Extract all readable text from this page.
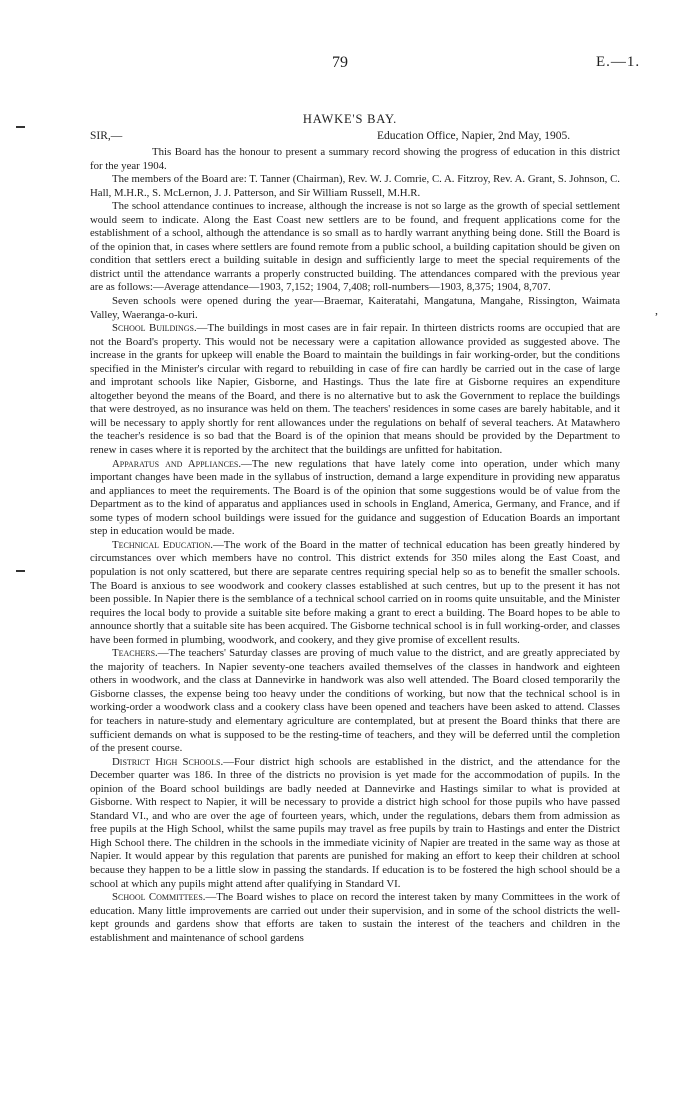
79	E.—1.
,
HAWKE'S BAY.
SIR,—	Education Office, Napier, 2nd May, 1905.

This Board has the honour to present a summary record showing the progress of education in this district for the year 1904.

The members of the Board are: T. Tanner (Chairman), Rev. W. J. Comrie, C. A. Fitzroy, Rev. A. Grant, S. Johnson, C. Hall, M.H.R., S. McLernon, J. J. Patterson, and Sir William Russell, M.H.R.

The school attendance continues to increase, although the increase is not so large as the growth of special settlement would seem to indicate. Along the East Coast new settlers are to be found, and frequent applications come for the establishment of a school, although the attendance is so small as to hardly warrant anything being done. Still the Board is of the opinion that, in cases where settlers are found remote from a public school, a building capitation should be given on condition that settlers erect a building suitable in design and sufficiently large to meet the special requirements of the district until the attendance warrants a properly constructed building. The attendances compared with the previous year are as follows:—Average attendance—1903, 7,152; 1904, 7,408; roll-numbers—1903, 8,375; 1904, 8,707.

Seven schools were opened during the year—Braemar, Kaiteratahi, Mangatuna, Mangahe, Rissington, Waimata Valley, Waeranga-o-kuri.

School Buildings.—The buildings in most cases are in fair repair. In thirteen districts rooms are occupied that are not the Board's property. This would not be necessary were a capitation allowance provided as suggested above. The increase in the grants for upkeep will enable the Board to maintain the buildings in fair working-order, but the conditions specified in the Minister's circular with regard to rebuilding in case of fire can hardly be carried out in the case of large and improtant schools like Napier, Gisborne, and Hastings. Thus the late fire at Gisborne requires an expenditure altogether beyond the means of the Board, and there is no alternative but to ask the Government to replace the buildings that were destroyed, as no insurance was held on them. The teachers' residences in some cases are barely habitable, and it will be necessary to apply shortly for rent allowances under the regulations on behalf of several teachers. At Matawhero the teacher's residence is so bad that the Board is of the opinion that means should be provided by the Department to renew in cases where it is reported by the architect that the buildings are unfitted for habitation.

Apparatus and Appliances.—The new regulations that have lately come into operation, under which many important changes have been made in the syllabus of instruction, demand a large expenditure in providing new apparatus and appliances to meet the requirements. The Board is of the opinion that some suggestions would be of value from the Department as to the kind of apparatus and appliances used in schools in England, America, Germany, and France, and if some types of modern school buildings were issued for the guidance and suggestion of Education Boards an important step in education would be made.

Technical Education.—The work of the Board in the matter of technical education has been greatly hindered by circumstances over which members have no control. This district extends for 350 miles along the East Coast, and population is not only scattered, but there are separate centres requiring special help so as to benefit the smaller schools. The Board is anxious to see woodwork and cookery classes established at such centres, but up to the present it has not been possible. In Napier there is the semblance of a technical school carried on in rooms quite unsuitable, and the Minister requires the local body to provide a suitable site before making a grant to erect a building. The Board hopes to be able to announce shortly that a suitable site has been acquired. The Gisborne technical school is in full working-order, and classes have been formed in plumbing, woodwork, and cookery, and they give promise of excellent results.

Teachers.—The teachers' Saturday classes are proving of much value to the district, and are greatly appreciated by the majority of teachers. In Napier seventy-one teachers availed themselves of the classes in handwork and eighteen others in woodwork, and the class at Dannevirke in handwork was also well attended. The Board closed temporarily the Gisborne classes, the expense being too heavy under the conditions of working, but now that the technical school is in working-order a woodwork class and a cookery class have been opened and teachers have been asked to attend. Classes for teachers in nature-study and elementary agriculture are contemplated, but at present the Board thinks that there are sufficient demands on what is supposed to be the resting-time of teachers, and they will be deferred until the completion of the present course.

District High Schools.—Four district high schools are established in the district, and the attendance for the December quarter was 186. In three of the districts no provision is yet made for the accommodation of pupils. In the opinion of the Board school buildings are badly needed at Dannevirke and Hastings similar to what is provided at Gisborne. With respect to Napier, it will be necessary to provide a district high school for those pupils who have passed Standard VI., and who are over the age of fourteen years, which, under the regulations, debars them from admission as free pupils at the High School, whilst the same pupils may travel as free pupils by train to Hastings and enter the District High School there. The children in the schools in the immediate vicinity of Napier are treated in the same way as those at Napier. It would appear by this regulation that parents are punished for making an effort to keep their children at school because they happen to be a little slow in passing the standards. If education is to be fostered the high school should be a school at which any pupils might attend after qualifying in Standard VI.

School Committees.—The Board wishes to place on record the interest taken by many Committees in the work of education. Many little improvements are carried out under their supervision, and in some of the school districts the well-kept grounds and gardens show that efforts are taken to sustain the interest of the teachers and children in the establishment and maintenance of school gardens
